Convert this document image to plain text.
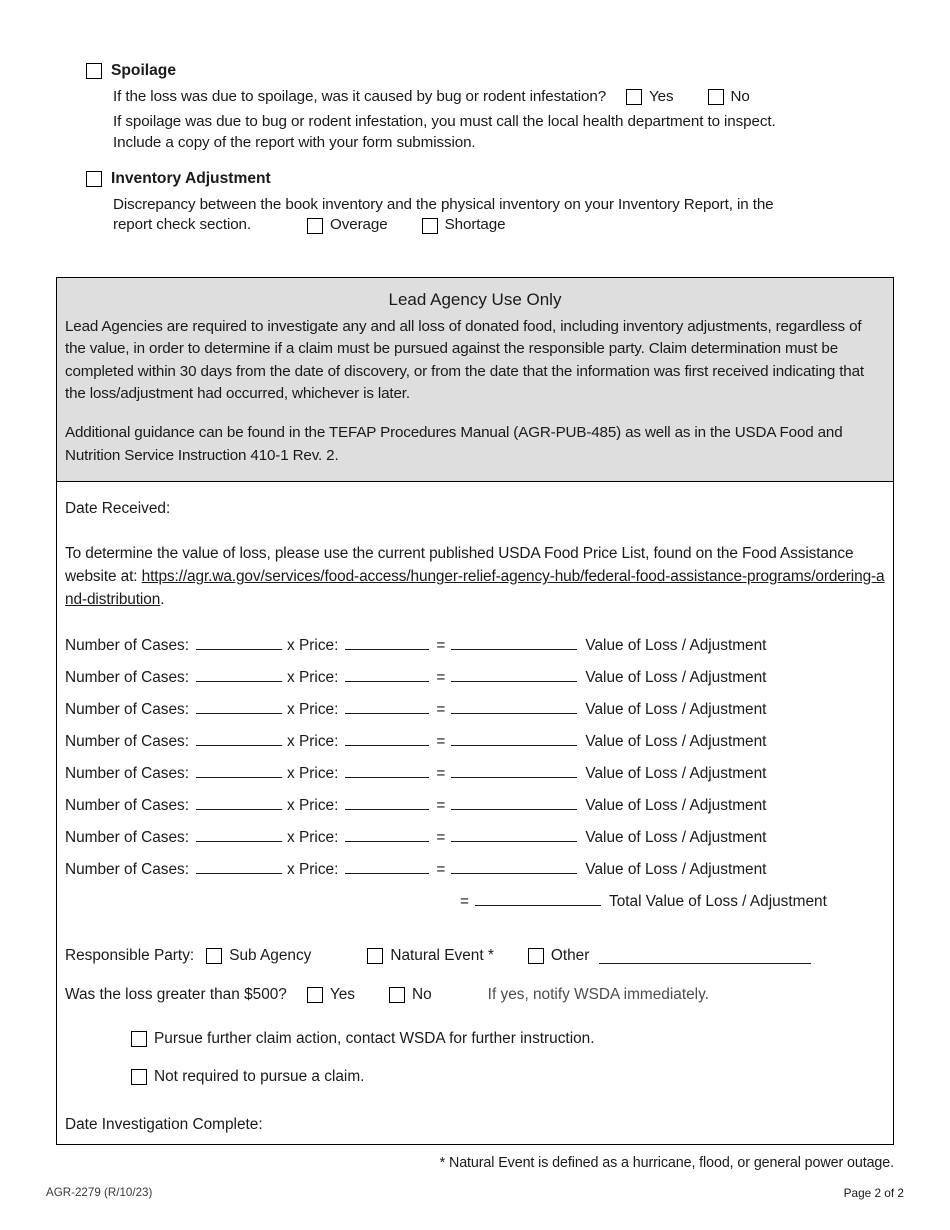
Spoilage
If the loss was due to spoilage, was it caused by bug or rodent infestation?	Yes	No
If spoilage was due to bug or rodent infestation, you must call the local health department to inspect.
Include a copy of the report with your form submission.
Inventory Adjustment
Discrepancy between the book inventory and the physical inventory on your Inventory Report, in the
report check section.	Overage	Shortage
Lead Agency Use Only
Lead Agencies are required to investigate any and all loss of donated food, including inventory adjustments, regardless of the value, in order to determine if a claim must be pursued against the responsible party. Claim determination must be completed within 30 days from the date of discovery, or from the date that the information was first received indicating that the loss/adjustment had occurred, whichever is later.
Additional guidance can be found in the TEFAP Procedures Manual (AGR-PUB-485) as well as in the USDA Food and Nutrition Service Instruction 410-1 Rev. 2.
Date Received:
To determine the value of loss, please use the current published USDA Food Price List, found on the Food Assistance website at: https://agr.wa.gov/services/food-access/hunger-relief-agency-hub/federal-food-assistance-programs/ordering-and-distribution.
Number of Cases:	x Price:	=	Value of Loss / Adjustment
Number of Cases:	x Price:	=	Value of Loss / Adjustment
Number of Cases:	x Price:	=	Value of Loss / Adjustment
Number of Cases:	x Price:	=	Value of Loss / Adjustment
Number of Cases:	x Price:	=	Value of Loss / Adjustment
Number of Cases:	x Price:	=	Value of Loss / Adjustment
Number of Cases:	x Price:	=	Value of Loss / Adjustment
Number of Cases:	x Price:	=	Value of Loss / Adjustment
=	Total Value of Loss / Adjustment
Responsible Party: Sub Agency	Natural Event *	Other
Was the loss greater than $500?	Yes	No	If yes, notify WSDA immediately.
Pursue further claim action, contact WSDA for further instruction.
Not required to pursue a claim.
Date Investigation Complete:
* Natural Event is defined as a hurricane, flood, or general power outage.
AGR-2279 (R/10/23)	Page 2 of 2
